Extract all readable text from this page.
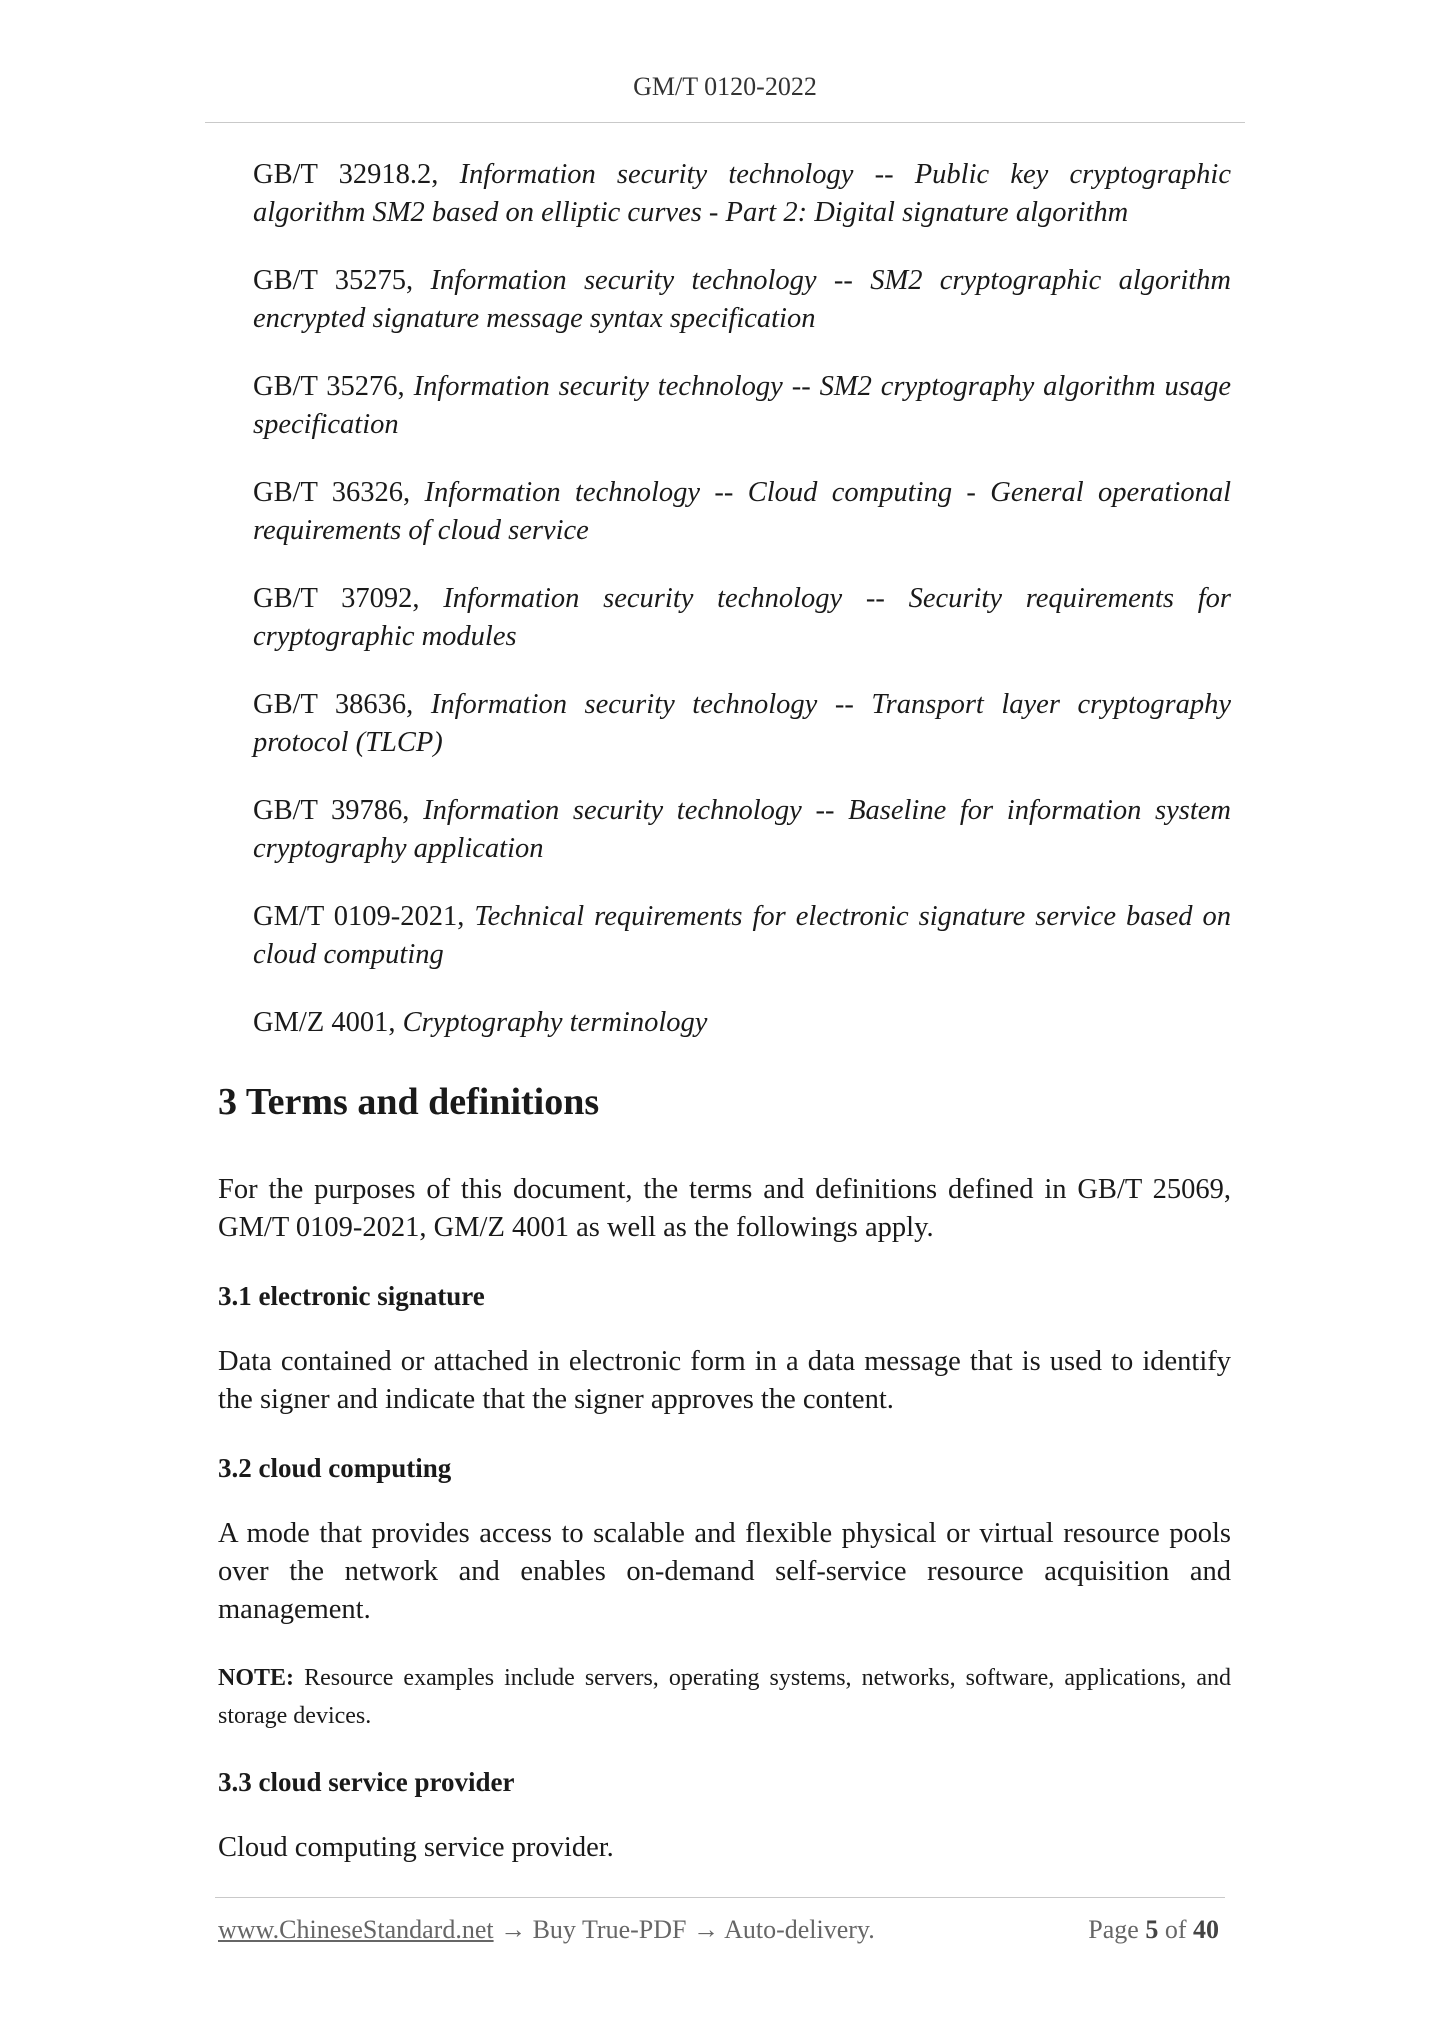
GM/T 0120-2022

GB/T 32918.2, Information security technology -- Public key cryptographic algorithm SM2 based on elliptic curves - Part 2: Digital signature algorithm

GB/T 35275, Information security technology -- SM2 cryptographic algorithm encrypted signature message syntax specification

GB/T 35276, Information security technology -- SM2 cryptography algorithm usage specification

GB/T 36326, Information technology -- Cloud computing - General operational requirements of cloud service

GB/T 37092, Information security technology -- Security requirements for cryptographic modules

GB/T 38636, Information security technology -- Transport layer cryptography protocol (TLCP)

GB/T 39786, Information security technology -- Baseline for information system cryptography application

GM/T 0109-2021, Technical requirements for electronic signature service based on cloud computing

GM/Z 4001, Cryptography terminology

3 Terms and definitions

For the purposes of this document, the terms and definitions defined in GB/T 25069, GM/T 0109-2021, GM/Z 4001 as well as the followings apply.

3.1 electronic signature

Data contained or attached in electronic form in a data message that is used to identify the signer and indicate that the signer approves the content.

3.2 cloud computing

A mode that provides access to scalable and flexible physical or virtual resource pools over the network and enables on-demand self-service resource acquisition and management.

NOTE: Resource examples include servers, operating systems, networks, software, applications, and storage devices.

3.3 cloud service provider

Cloud computing service provider.

www.ChineseStandard.net → Buy True-PDF → Auto-delivery.	Page 5 of 40
